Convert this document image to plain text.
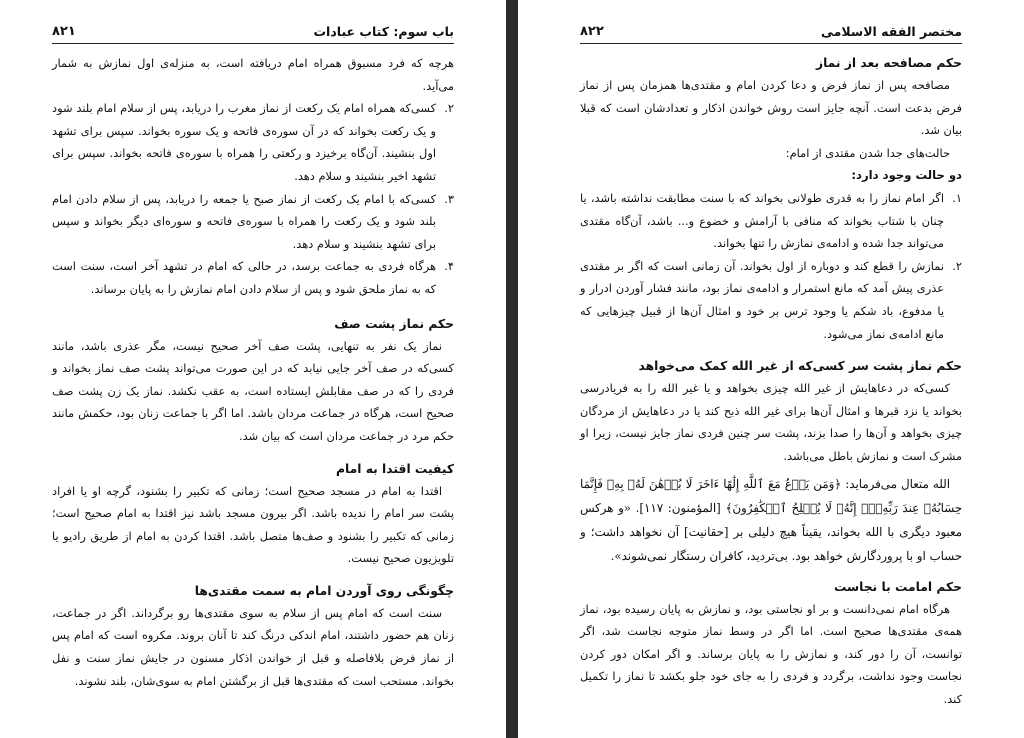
باب سوم: کتاب عبادات
۸۲۱
هرچه که فرد مسبوق همراه امام دریافته است، به منزله‌ی اول نمازش به شمار می‌آید.
۲.
کسی‌که همراه امام یک رکعت از نماز مغرب را دریابد، پس از سلام امام بلند شود و یک رکعت بخواند که در آن سوره‌ی فاتحه و یک سوره بخواند. سپس برای تشهد اول بنشیند. آن‌گاه برخیزد و رکعتی را همراه با سوره‌ی فاتحه بخواند. سپس برای تشهد اخیر بنشیند و سلام دهد.
۳.
کسی‌که با امام یک رکعت از نماز صبح یا جمعه را دریابد، پس از سلام دادن امام بلند شود و یک رکعت را همراه با سوره‌ی فاتحه و سوره‌ای دیگر بخواند و سپس برای تشهد بنشیند و سلام دهد.
۴.
هرگاه فردی به جماعت برسد، در حالی که امام در تشهد آخر است، سنت است که به نماز ملحق شود و پس از سلام دادن امام نمازش را به پایان برساند.
حکم نماز پشت صف
نماز یک نفر به تنهایی، پشت صف آخر صحیح نیست، مگر عذری باشد، مانند کسی‌که در صف آخر جایی نیابد که در این صورت می‌تواند پشت صف نماز بخواند و فردی را که در صف مقابلش ایستاده است، به عقب نکشد. نماز یک زن پشت صف صحیح است، هرگاه در جماعت مردان باشد. اما اگر با جماعت زنان بود، حکمش مانند حکم مرد در جماعت مردان است که بیان شد.
کیفیت اقتدا به امام
اقتدا به امام در مسجد صحیح است؛ زمانی که تکبیر را بشنود، گرچه او یا افراد پشت سر امام را ندیده باشد. اگر بیرون مسجد باشد نیز اقتدا به امام صحیح است؛ زمانی که تکبیر را بشنود و صف‌ها متصل باشد. اقتدا کردن به امام از طریق رادیو یا تلویزیون صحیح نیست.
چگونگی روی آوردن امام به سمت مقتدی‌ها
سنت است که امام پس از سلام به سوی مقتدی‌ها رو برگرداند. اگر در جماعت، زنان هم حضور داشتند، امام اندکی درنگ کند تا آنان بروند. مکروه است که امام پس از نماز فرض بلافاصله و قبل از خواندن اذکار مسنون در جایش نماز سنت و نفل بخواند. مستحب است که مقتدی‌ها قبل از برگشتن امام به سوی‌شان، بلند نشوند.
مختصر الفقه الاسلامی
۸۲۲
حکم مصافحه بعد از نماز
مصافحه پس از نماز فرض و دعا کردن امام و مقتدی‌ها همزمان پس از نماز فرض بدعت است. آنچه جایز است روش خواندن اذکار و تعدادشان است که قبلا بیان شد.
حالت‌های جدا شدن مقتدی از امام:
دو حالت وجود دارد:
۱.
اگر امام نماز را به قدری طولانی بخواند که با سنت مطابقت نداشته باشد، یا چنان با شتاب بخواند که منافی با آرامش و خضوع و... باشد، آن‌گاه مقتدی می‌تواند جدا شده و ادامه‌ی نمازش را تنها بخواند.
۲.
نمازش را قطع کند و دوباره از اول بخواند. آن زمانی است که اگر بر مقتدی عذری پیش آمد که مانع استمرار و ادامه‌ی نماز بود، مانند فشار آوردن ادرار و یا مدفوع، باد شکم یا وجود ترس بر خود و امثال آن‌ها از قبیل چیزهایی که مانع ادامه‌ی نماز می‌شود.
حکم نماز پشت سر کسی‌که از غیر الله کمک می‌خواهد
کسی‌که در دعاهایش از غیر الله چیزی بخواهد و یا غیر الله را به فریادرسی بخواند یا نزد قبرها و امثال آن‌ها برای غیر الله ذبح کند یا در دعاهایش از مردگان چیزی بخواهد و آن‌ها را صدا بزند، پشت سر چنین فردی نماز جایز نیست، زیرا او مشرک است و نمازش باطل می‌باشد.
الله متعال می‌فرماید: ﴿وَمَن يَدۡعُ مَعَ ٱللَّهِ إِلَٰهًا ءَاخَرَ لَا بُرۡهَٰنَ لَهُۥ بِهِۦ فَإِنَّمَا حِسَابُهُۥ عِندَ رَبِّهِۦٓۚ إِنَّهُۥ لَا يُفۡلِحُ ٱلۡكَٰفِرُونَ﴾ [المؤمنون: ۱۱۷]. «و هرکس معبود دیگری با الله بخواند، یقیناً هیچ دلیلی بر [حقانیت] آن نخواهد داشت؛ و حساب او با پروردگارش خواهد بود. بی‌تردید، کافران رستگار نمی‌شوند».
حکم امامت با نجاست
هرگاه امام نمی‌دانست و بر او نجاستی بود، و نمازش به پایان رسیده بود، نماز همه‌ی مقتدی‌ها صحیح است. اما اگر در وسط نماز متوجه نجاست شد، اگر توانست، آن را دور کند، و نمازش را به پایان برساند. و اگر امکان دور کردن نجاست وجود نداشت، برگردد و فردی را به جای خود جلو بکشد تا نماز را تکمیل کند.
